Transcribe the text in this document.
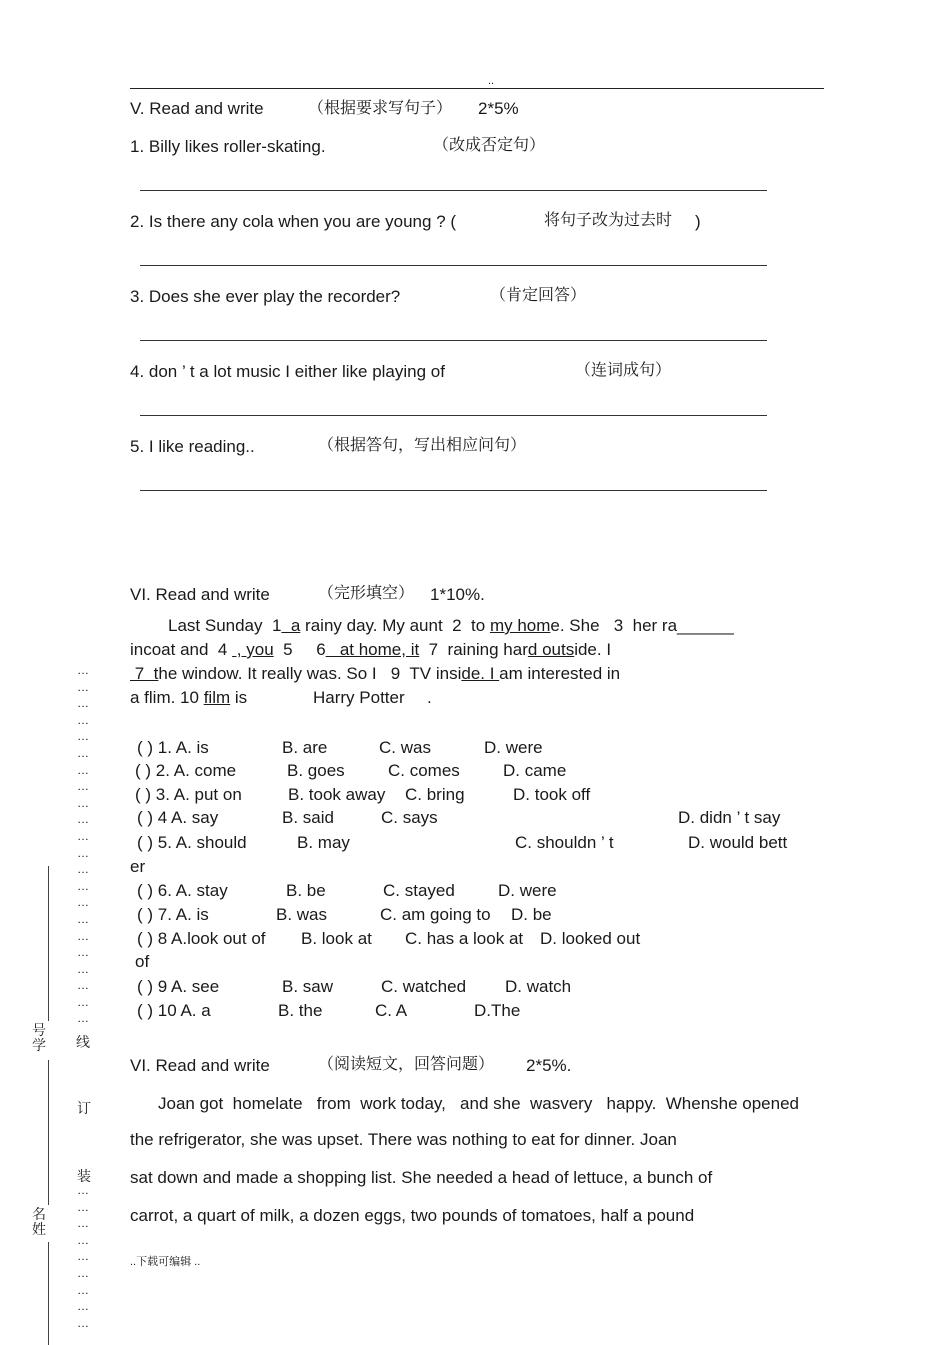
..
V. Read and write	（根据要求写句子） 2*5%
1. Billy likes roller-skating.	（改成否定句）
2. Is there any cola when you are young ? (	将句子改为过去时 )
3. Does she ever play the recorder?	（肯定回答）
4. don ’ t a lot music I either like playing of	（连词成句）
5. I like reading..	（根据答句，写出相应问句）
VI. Read and write	（完形填空） 1*10%.
Last Sunday  1  a rainy day. My aunt  2  to my home. She   3  her ra______
incoat and  4  , you  5     6   at home, it  7  raining hard outside. I
7  the window. It really was. So I   9  TV inside. I am interested in
a flim. 10 film is	Harry Potter .
( ) 1. A. is	B. are	C. was	D. were
( ) 2. A. come	B. goes	C. comes	D. came
( ) 3. A. put on	B. took away C. bring	D. took off
( ) 4 A. say	B. said	C. says	D. didn ’ t say
( ) 5. A. should	B. may	C. shouldn ’ t	D. would bett
er
( ) 6. A. stay	B. be	C. stayed	D. were
( ) 7. A. is	B. was	C. am going to D. be
( ) 8 A.look out of B. look at C. has a look at D. looked out
of
( ) 9 A. see	B. saw	C. watched D. watch
( ) 10 A. a	B. the	C. A	D.The
VI. Read and write	（阅读短文，回答问题） 2*5%.
Joan got  homelate   from  work today,   and she  wasvery   happy.  Whenshe opened
the refrigerator, she was upset. There was nothing to eat for dinner. Joan
sat down and made a shopping list. She needed a head of lettuce, a bunch of
carrot, a quart of milk, a dozen eggs, two pounds of tomatoes, half a pound
..下载可编辑 ..
…
…
…
…
…
…
…
…
…
…
…
…
…
…
…
…
…
…
…
…
…
…
线
订
装
…
…
…
…
…
…
…
…
…
号
学
名
姓
